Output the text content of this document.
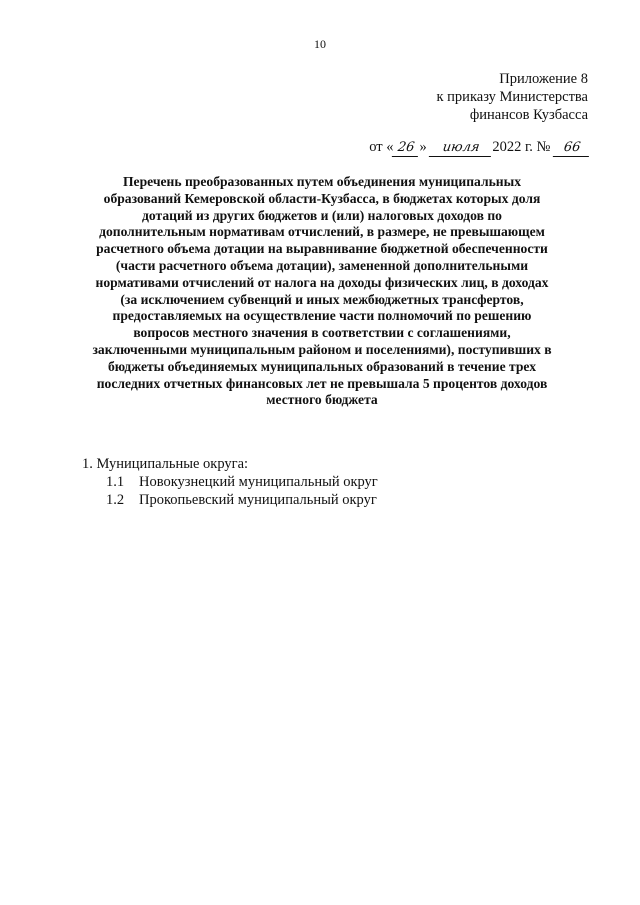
10
Приложение 8
к приказу Министерства
финансов Кузбасса
от « 26 » июля 2022 г. № 66
Перечень преобразованных путем объединения муниципальных
образований Кемеровской области-Кузбасса, в бюджетах которых доля
дотаций из других бюджетов и (или) налоговых доходов по
дополнительным нормативам отчислений, в размере, не превышающем
расчетного объема дотации на выравнивание бюджетной обеспеченности
(части расчетного объема дотации), замененной дополнительными
нормативами отчислений от налога на доходы физических лиц, в доходах
(за исключением субвенций и иных межбюджетных трансфертов,
предоставляемых на осуществление части полномочий по решению
вопросов местного значения в соответствии с соглашениями,
заключенными муниципальным районом и поселениями), поступивших в
бюджеты объединяемых муниципальных образований в течение трех
последних отчетных финансовых лет не превышала 5 процентов доходов
местного бюджета
1. Муниципальные округа:
1.1 Новокузнецкий муниципальный округ
1.2 Прокопьевский муниципальный округ
